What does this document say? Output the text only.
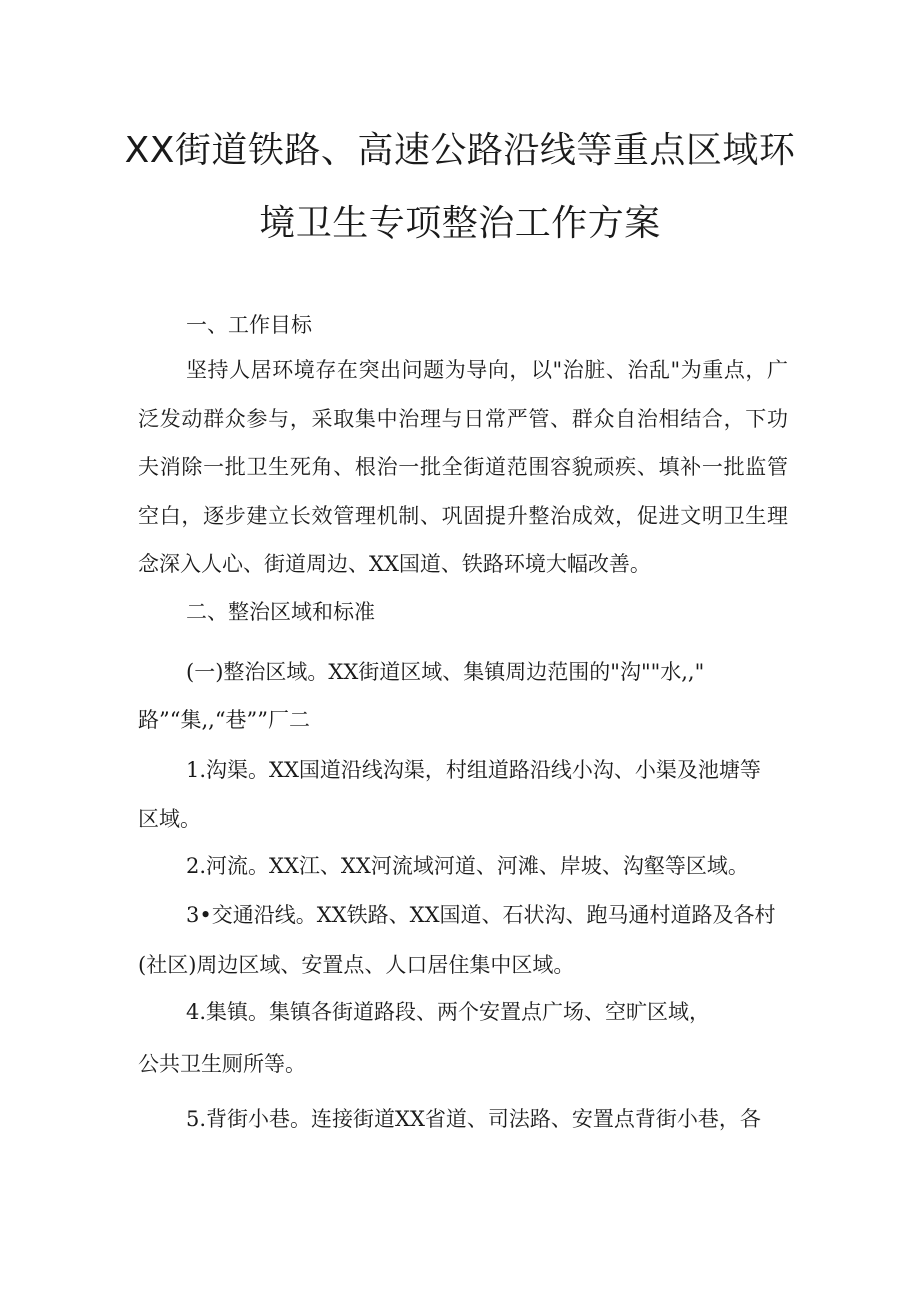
XX街道铁路、高速公路沿线等重点区域环
境卫生专项整治工作方案
一、工作目标

坚持人居环境存在突出问题为导向，以"治脏、治乱"为重点，广泛发动群众参与，采取集中治理与日常严管、群众自治相结合，下功夫消除一批卫生死角、根治一批全街道范围容貌顽疾、填补一批监管空白，逐步建立长效管理机制、巩固提升整治成效，促进文明卫生理念深入人心、街道周边、XX国道、铁路环境大幅改善。

二、整治区域和标准
(一)整治区域。XX街道区域、集镇周边范围的"沟""水,,"
路”“集,,“巷””厂二
1.沟渠。XX国道沿线沟渠，村组道路沿线小沟、小渠及池塘等
区域。
2.河流。XX江、XX河流域河道、河滩、岸坡、沟壑等区域。
3•交通沿线。XX铁路、XX国道、石状沟、跑马通村道路及各村
(社区)周边区域、安置点、人口居住集中区域。
4.集镇。集镇各街道路段、两个安置点广场、空旷区域，
公共卫生厕所等。
5.背街小巷。连接街道XX省道、司法路、安置点背街小巷，各
